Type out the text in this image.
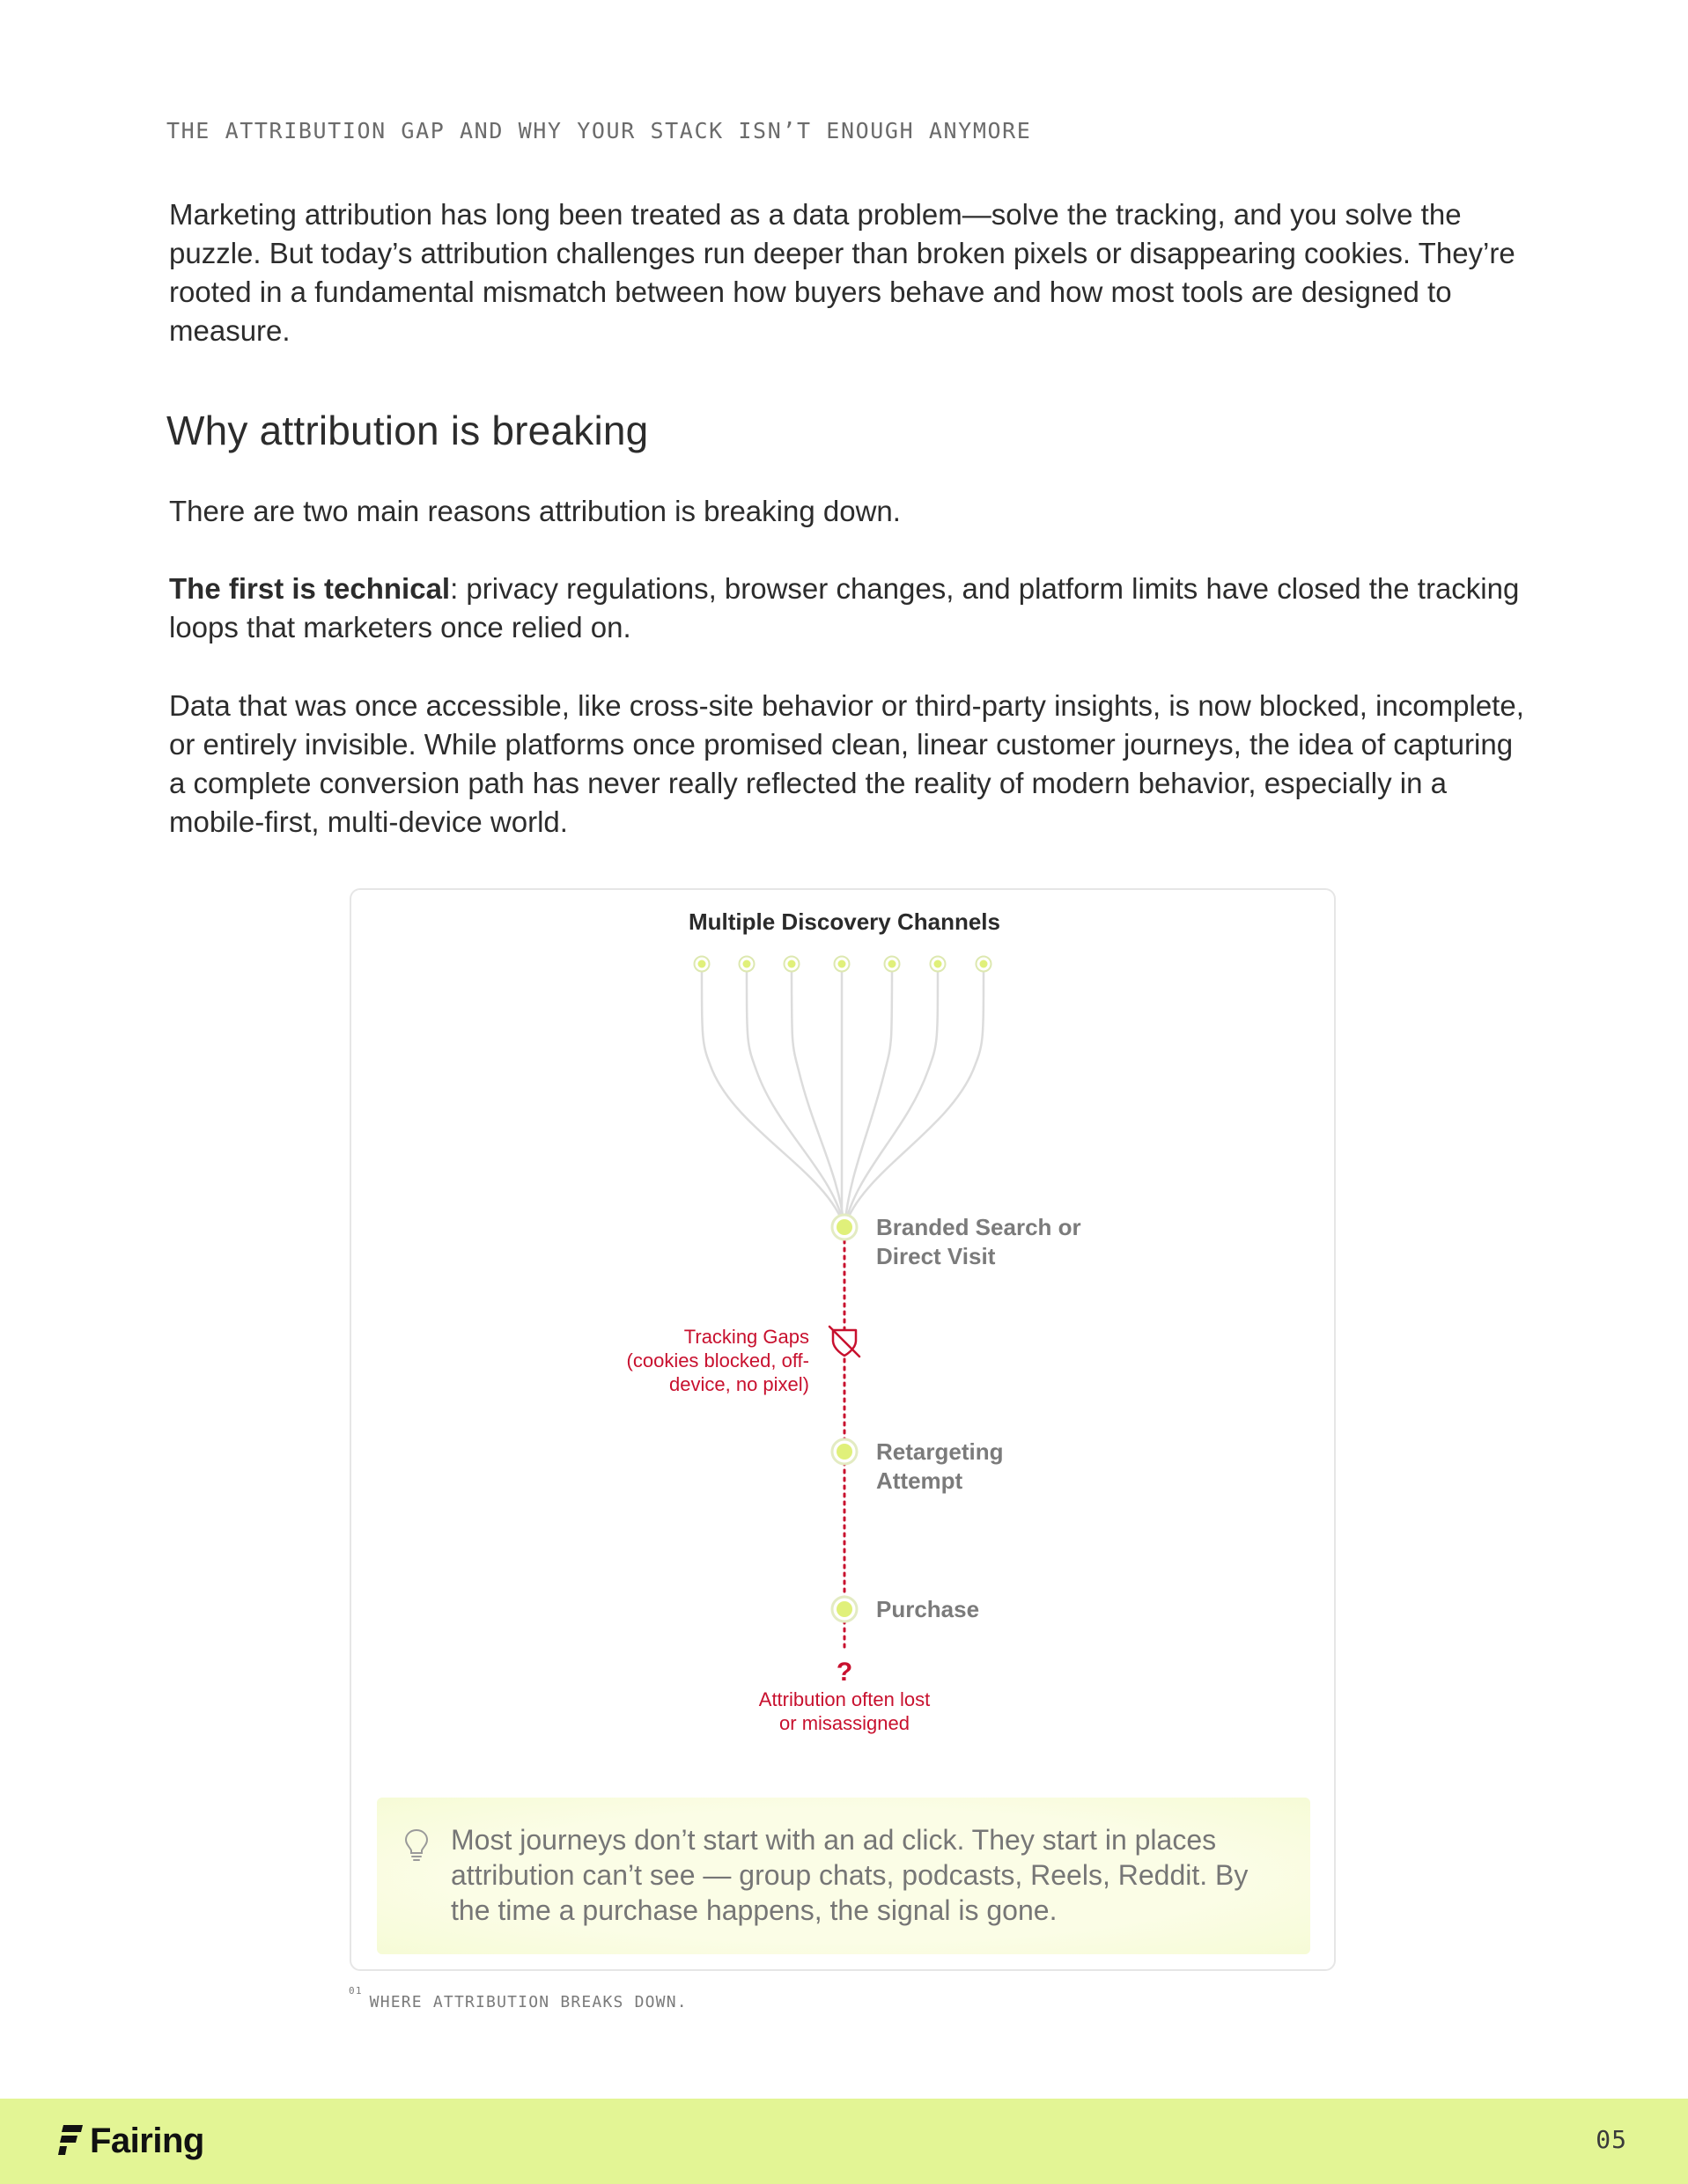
THE ATTRIBUTION GAP AND WHY YOUR STACK ISN’T ENOUGH ANYMORE

Marketing attribution has long been treated as a data problem—solve the tracking, and you solve the puzzle. But today’s attribution challenges run deeper than broken pixels or disappearing cookies. They’re rooted in a fundamental mismatch between how buyers behave and how most tools are designed to measure.

Why attribution is breaking

There are two main reasons attribution is breaking down.

The first is technical: privacy regulations, browser changes, and platform limits have closed the tracking loops that marketers once relied on.

Data that was once accessible, like cross-site behavior or third-party insights, is now blocked, incomplete, or entirely invisible. While platforms once promised clean, linear customer journeys, the idea of capturing a complete conversion path has never really reflected the reality of modern behavior, especially in a mobile-first, multi-device world.

Multiple Discovery Channels
Branded Search or
Direct Visit
Tracking Gaps
(cookies blocked, off-
device, no pixel)
Retargeting
Attempt
Purchase
?
Attribution often lost
or misassigned
Most journeys don’t start with an ad click. They start in places attribution can’t see — group chats, podcasts, Reels, Reddit. By the time a purchase happens, the signal is gone.
$^{01}$WHERE ATTRIBUTION BREAKS DOWN.
Fairing	05
